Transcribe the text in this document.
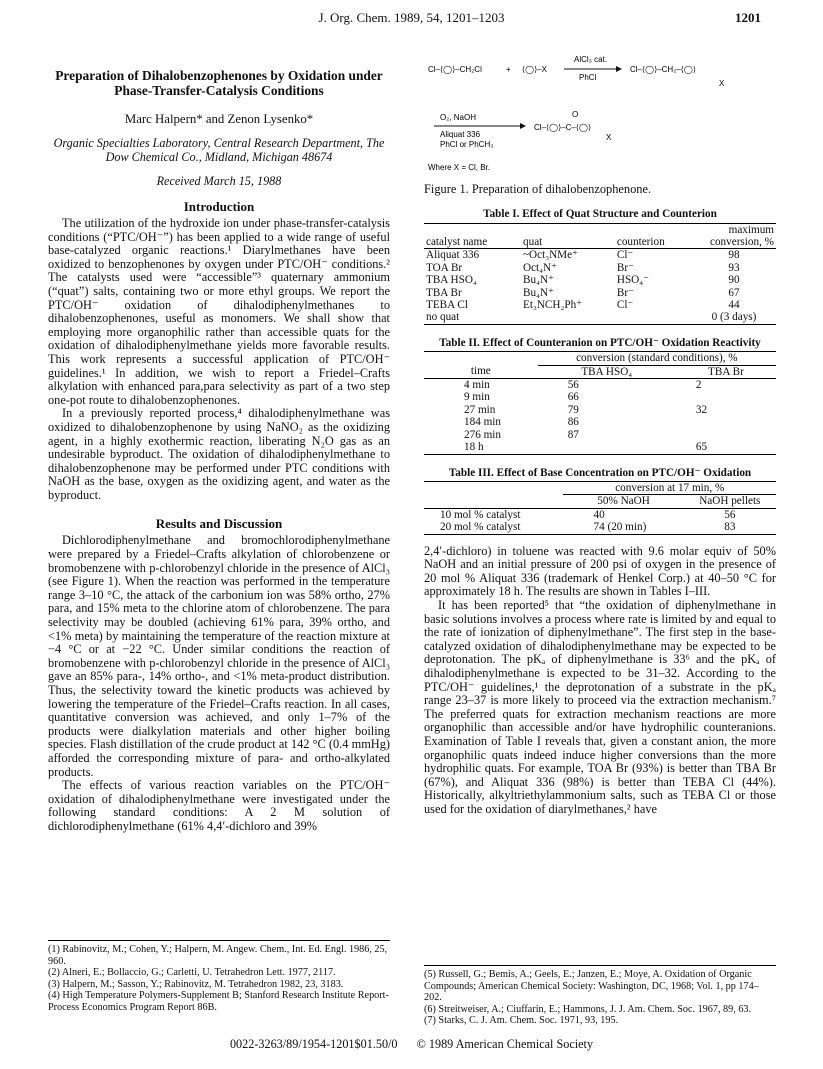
J. Org. Chem. 1989, 54, 1201–1203	1201
Preparation of Dihalobenzophenones by Oxidation under Phase-Transfer-Catalysis Conditions
Marc Halpern* and Zenon Lysenko*
Organic Specialties Laboratory, Central Research Department, The Dow Chemical Co., Midland, Michigan 48674
Received March 15, 1988
Introduction

The utilization of the hydroxide ion under phase-transfer-catalysis conditions (“PTC/OH⁻”) has been applied to a wide range of useful base-catalyzed organic reactions.¹ Diarylmethanes have been oxidized to benzophenones by oxygen under PTC/OH⁻ conditions.² The catalysts used were “accessible”³ quaternary ammonium (“quat”) salts, containing two or more ethyl groups. We report the PTC/OH⁻ oxidation of dihalodiphenylmethanes to dihalobenzophenones, useful as monomers. We shall show that employing more organophilic rather than accessible quats for the oxidation of dihalodiphenylmethane yields more favorable results. This work represents a successful application of PTC/OH⁻ guidelines.¹ In addition, we wish to report a Friedel–Crafts alkylation with enhanced para,para selectivity as part of a two step one-pot route to dihalobenzophenones.

In a previously reported process,⁴ dihalodiphenylmethane was oxidized to dihalobenzophenone by using NaNO₂ as the oxidizing agent, in a highly exothermic reaction, liberating N₂O gas as an undesirable byproduct. The oxidation of dihalodiphenylmethane to dihalobenzophenone may be performed under PTC conditions with NaOH as the base, oxygen as the oxidizing agent, and water as the byproduct.

Results and Discussion

Dichlorodiphenylmethane and bromochlorodiphenylmethane were prepared by a Friedel–Crafts alkylation of chlorobenzene or bromobenzene with p-chlorobenzyl chloride in the presence of AlCl₃ (see Figure 1). When the reaction was performed in the temperature range 3–10 °C, the attack of the carbonium ion was 58% ortho, 27% para, and 15% meta to the chlorine atom of chlorobenzene. The para selectivity may be doubled (achieving 61% para, 39% ortho, and <1% meta) by maintaining the temperature of the reaction mixture at −4 °C or at −22 °C. Under similar conditions the reaction of bromobenzene with p-chlorobenzyl chloride in the presence of AlCl₃ gave an 85% para-, 14% ortho-, and <1% meta-product distribution. Thus, the selectivity toward the kinetic products was achieved by lowering the temperature of the Friedel–Crafts reaction. In all cases, quantitative conversion was achieved, and only 1–7% of the products were dialkylation materials and other higher boiling species. Flash distillation of the crude product at 142 °C (0.4 mmHg) afforded the corresponding mixture of para- and ortho-alkylated products.

The effects of various reaction variables on the PTC/OH⁻ oxidation of dihalodiphenylmethane were investigated under the following standard conditions: A 2 M solution of dichlorodiphenylmethane (61% 4,4′-dichloro and 39%

(1) Rabinovitz, M.; Cohen, Y.; Halpern, M. Angew. Chem., Int. Ed. Engl. 1986, 25, 960.
(2) Alneri, E.; Bollaccio, G.; Carletti, U. Tetrahedron Lett. 1977, 2117.
(3) Halpern, M.; Sasson, Y.; Rabinovitz, M. Tetrahedron 1982, 23, 3183.
(4) High Temperature Polymers-Supplement B; Stanford Research Institute Report-Process Economics Program Report 86B.
Cl–⟨◯⟩–CH₂Cl	+ ⟨◯⟩–X
AlCl₃ cat.
PhCl
Cl–⟨◯⟩–CH₂–⟨◯⟩
X
O₂, NaOH
Aliquat 336
PhCl or PhCH₃
O
Cl–⟨◯⟩–C–⟨◯⟩
X
Where X = Cl, Br.
Figure 1. Preparation of dihalobenzophenone.
Table I. Effect of Quat Structure and Counterion
catalyst name	quat	counterion	maximum conversion, %
Aliquat 336	~Oct₃NMe⁺	Cl⁻	98
TOA Br	Oct₄N⁺	Br⁻	93
TBA HSO₄	Bu₄N⁺	HSO₄⁻	90
TBA Br	Bu₄N⁺	Br⁻	67
TEBA Cl	Et₃NCH₂Ph⁺	Cl⁻	44
no quat			0 (3 days)
Table II. Effect of Counteranion on PTC/OH⁻ Oxidation Reactivity
	conversion (standard conditions), %	
time	TBA HSO₄	TBA Br
4 min	56	2
9 min	66	
27 min	79	32
184 min	86	
276 min	87	
18 h		65
Table III. Effect of Base Concentration on PTC/OH⁻ Oxidation
	conversion at 17 min, %	
	50% NaOH	NaOH pellets
10 mol % catalyst	40	56
20 mol % catalyst	74 (20 min)	83

2,4′-dichloro) in toluene was reacted with 9.6 molar equiv of 50% NaOH and an initial pressure of 200 psi of oxygen in the presence of 20 mol % Aliquat 336 (trademark of Henkel Corp.) at 40–50 °C for approximately 18 h. The results are shown in Tables I–III.

It has been reported⁵ that “the oxidation of diphenylmethane in basic solutions involves a process where rate is limited by and equal to the rate of ionization of diphenylmethane”. The first step in the base-catalyzed oxidation of dihalodiphenylmethane may be expected to be deprotonation. The pKₐ of diphenylmethane is 33⁶ and the pKₐ of dihalodiphenylmethane is expected to be 31–32. According to the PTC/OH⁻ guidelines,¹ the deprotonation of a substrate in the pKₐ range 23–37 is more likely to proceed via the extraction mechanism.⁷ The preferred quats for extraction mechanism reactions are more organophilic than accessible and/or have hydrophilic counteranions. Examination of Table I reveals that, given a constant anion, the more organophilic quats indeed induce higher conversions than the more hydrophilic quats. For example, TOA Br (93%) is better than TBA Br (67%), and Aliquat 336 (98%) is better than TEBA Cl (44%). Historically, alkyltriethylammonium salts, such as TEBA Cl or those used for the oxidation of diarylmethanes,² have

(5) Russell, G.; Bemis, A.; Geels, E.; Janzen, E.; Moye, A. Oxidation of Organic Compounds; American Chemical Society: Washington, DC, 1968; Vol. 1, pp 174–202.
(6) Streitweiser, A.; Ciuffarin, E.; Hammons, J. J. Am. Chem. Soc. 1967, 89, 63.
(7) Starks, C. J. Am. Chem. Soc. 1971, 93, 195.
0022-3263/89/1954-1201$01.50/0 © 1989 American Chemical Society
